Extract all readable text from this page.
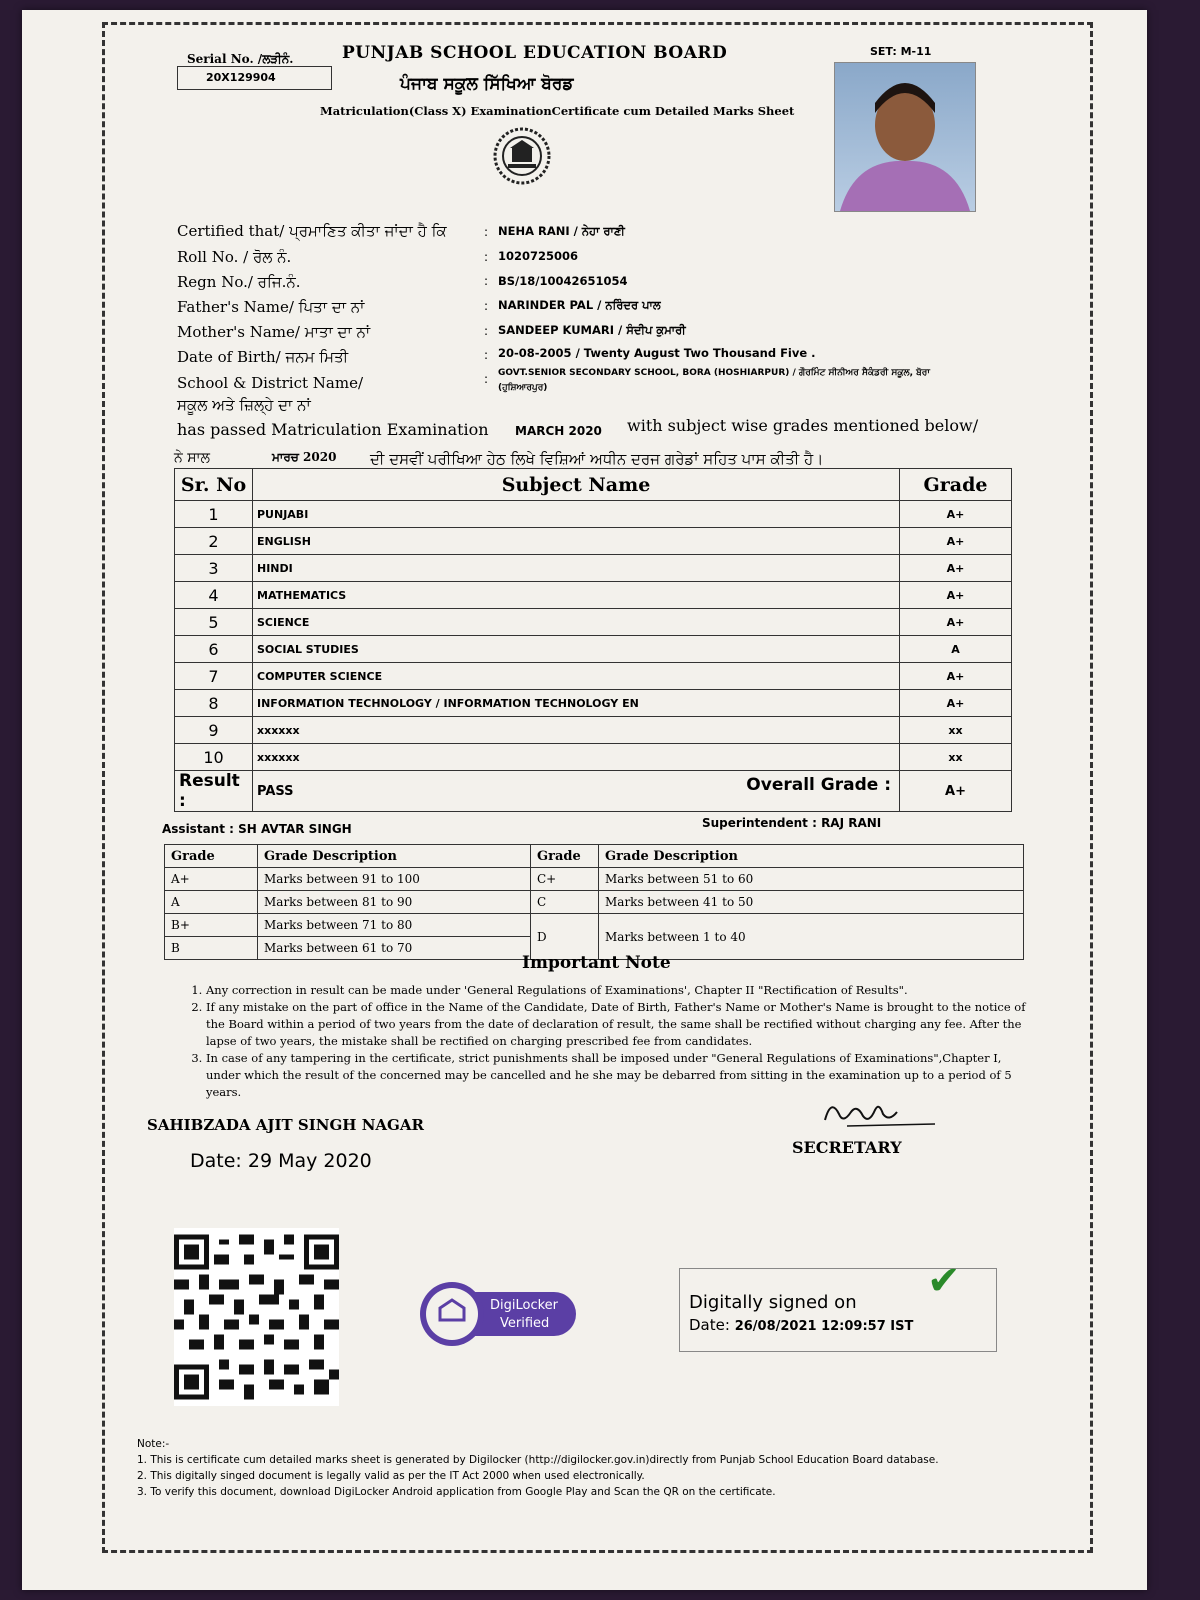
Serial No. /ਲੜੀਨੰ.
20X129904
PUNJAB SCHOOL EDUCATION BOARD
ਪੰਜਾਬ ਸਕੂਲ ਸਿੱਖਿਆ ਬੋਰਡ
SET: M-11
Matriculation(Class X) ExaminationCertificate cum Detailed Marks Sheet
Certified that/ ਪ੍ਰਮਾਣਿਤ ਕੀਤਾ ਜਾਂਦਾ ਹੈ ਕਿ	: NEHA RANI / ਨੇਹਾ ਰਾਣੀ
Roll No. / ਰੋਲ ਨੰ.	: 1020725006
Regn No./ ਰਜਿ.ਨੰ.	: BS/18/10042651054
Father's Name/ ਪਿਤਾ ਦਾ ਨਾਂ	: NARINDER PAL / ਨਰਿੰਦਰ ਪਾਲ
Mother's Name/ ਮਾਤਾ ਦਾ ਨਾਂ	: SANDEEP KUMARI / ਸੰਦੀਪ ਕੁਮਾਰੀ
Date of Birth/ ਜਨਮ ਮਿਤੀ	: 20-08-2005 / Twenty August Two Thousand Five .
School & District Name/
ਸਕੂਲ ਅਤੇ ਜ਼ਿਲ੍ਹੇ ਦਾ ਨਾਂ
: GOVT.SENIOR SECONDARY SCHOOL, BORA (HOSHIARPUR) / ਗੌਰਮਿੰਟ ਸੀਨੀਅਰ ਸੈਕੰਡਰੀ ਸਕੂਲ, ਬੋਰਾ
(ਹੁਸ਼ਿਆਰਪੁਰ)
has passed Matriculation Examination MARCH 2020 with subject wise grades mentioned below/
ਨੇ ਸਾਲ	ਮਾਰਚ 2020 ਦੀ ਦਸਵੀਂ ਪਰੀਖਿਆ ਹੇਠ ਲਿਖੇ ਵਿਸ਼ਿਆਂ ਅਧੀਨ ਦਰਜ ਗਰੇਡਾਂ ਸਹਿਤ ਪਾਸ ਕੀਤੀ ਹੈ।
Sr. No	Subject Name	Grade
1	PUNJABI	A+
2	ENGLISH	A+
3	HINDI	A+
4	MATHEMATICS	A+
5	SCIENCE	A+
6	SOCIAL STUDIES	A
7	COMPUTER SCIENCE	A+
8	INFORMATION TECHNOLOGY / INFORMATION TECHNOLOGY EN	A+
9	xxxxxx	xx
10	xxxxxx	xx
Result :	PASS Overall Grade :	A+
Assistant : SH AVTAR SINGH	Superintendent : RAJ RANI
Grade	Grade Description	Grade	Grade Description
A+	Marks between 91 to 100	C+	Marks between 51 to 60
A	Marks between 81 to 90	C	Marks between 41 to 50
B+	Marks between 71 to 80	D	Marks between 1 to 40
B	Marks between 61 to 70		
Important Note
1. Any correction in result can be made under 'General Regulations of Examinations', Chapter II "Rectification of Results".
2. If any mistake on the part of office in the Name of the Candidate, Date of Birth, Father's Name or Mother's Name is brought to the notice of the Board within a period of two years from the date of declaration of result, the same shall be rectified without charging any fee. After the lapse of two years, the mistake shall be rectified on charging prescribed fee from candidates.
3. In case of any tampering in the certificate, strict punishments shall be imposed under "General Regulations of Examinations",Chapter I, under which the result of the concerned may be cancelled and he she may be debarred from sitting in the examination up to a period of 5 years.
SAHIBZADA AJIT SINGH NAGAR
Date: 29 May 2020
SECRETARY
DigiLocker
Verified
Digitally signed on
Date: 26/08/2021 12:09:57 IST
✔
Note:-
1. This is certificate cum detailed marks sheet is generated by Digilocker (http://digilocker.gov.in)directly from Punjab School Education Board database.
2. This digitally singed document is legally valid as per the IT Act 2000 when used electronically.
3. To verify this document, download DigiLocker Android application from Google Play and Scan the QR on the certificate.
